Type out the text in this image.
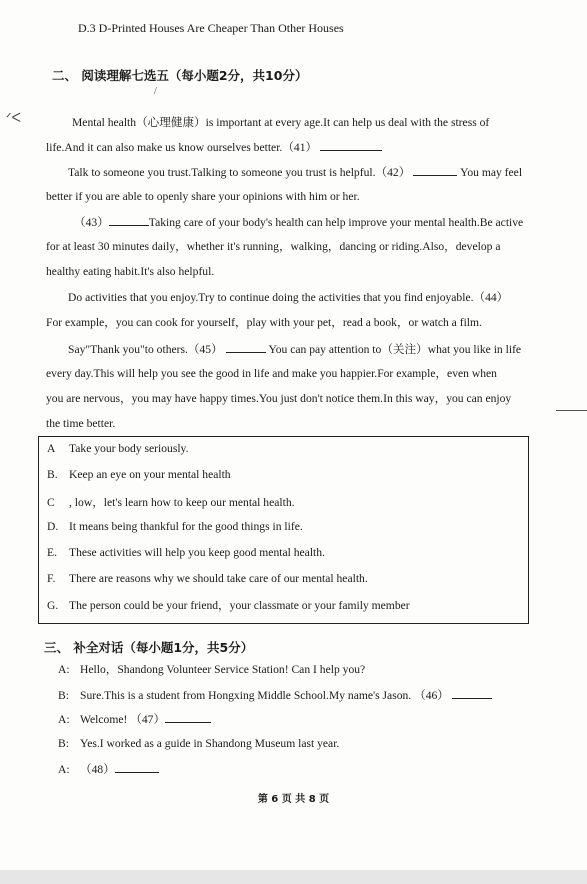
D.3 D-Printed Houses Are Cheaper Than Other Houses
二、 阅读理解七选五（每小题2分，共10分）
/
ᐟᐸ	Mental health（心理健康）is important at every age.It can help us deal with the stress of
life.And it can also make us know ourselves better.（41）
Talk to someone you trust.Talking to someone you trust is helpful.（42）	You may feel
better if you are able to openly share your opinions with him or her.
（43）	Taking care of your body's health can help improve your mental health.Be active
for at least 30 minutes daily，whether it's running，walking，dancing or riding.Also，develop a
healthy eating habit.It's also helpful.
Do activities that you enjoy.Try to continue doing the activities that you find enjoyable.（44）
For example，you can cook for yourself，play with your pet，read a book，or watch a film.
Say"Thank you"to others.（45）	You can pay attention to（关注）what you like in life
every day.This will help you see the good in life and make you happier.For example，even when
you are nervous，you may have happy times.You just don't notice them.In this way，you can enjoy
the time better.
A Take your body seriously.
B. Keep an eye on your mental health
C , low，let's learn how to keep our mental health.
D. It means being thankful for the good things in life.
E. These activities will help you keep good mental health.
F. There are reasons why we should take care of our mental health.
G. The person could be your friend，your classmate or your family member
三、 补全对话（每小题1分，共5分）
A: Hello，Shandong Volunteer Service Station! Can I help you?
B: Sure.This is a student from Hongxing Middle School.My name's Jason. （46）
A: Welcome! （47）
B: Yes.I worked as a guide in Shandong Museum last year.
A: （48）
第 6 页 共 8 页
